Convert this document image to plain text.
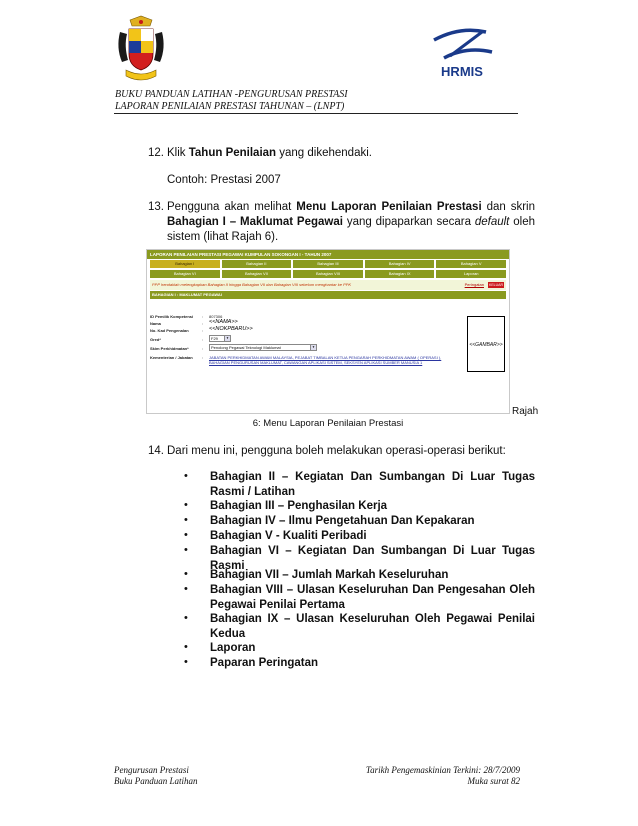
HRMIS
BUKU PANDUAN LATIHAN -PENGURUSAN PRESTASI
LAPORAN PENILAIAN PRESTASI TAHUNAN – (LNPT)
12. Klik Tahun Penilaian yang dikehendaki.
Contoh: Prestasi 2007
13. Pengguna akan melihat Menu Laporan Penilaian Prestasi dan skrin Bahagian I – Maklumat Pegawai yang dipaparkan secara default oleh sistem (lihat Rajah 6).
LAPORAN PENILAIAN PRESTASI PEGAWAI KUMPULAN SOKONGAN I - TAHUN 2007
Bahagian I	Bahagian II	Bahagian III	Bahagian IV	Bahagian V
Bahagian VI	Bahagian VII	Bahagian VIII	Bahagian IX	Laporan
PPP hendaklah melengkapkan Bahagian II hingga Bahagian VII dan Bahagian VIII sebelum menghantar ke PPK	Peringatan KELUAR
BAHAGIAN I : MAKLUMAT PEGAWAI
ID Pemilik Kompetensi : 807306
Nama	: <<NAMA>>
No. Kad Pengenalan	: <<NOKPBARU>>
Gred*	:	F29	▼
Skim Perkhidmatan*	:	Penolong Pegawai Teknologi Maklumat	▼
Kementerian / Jabatan : JABATAN PERKHIDMATAN AWAM MALAYSIA, PEJABAT TIMBALAN KETUA PENGARAH PERKHIDMATAN AWAM ( OPERASI ), BAHAGIAN PENGURUSAN MAKLUMAT, CAWANGAN APLIKASI SISTEM, SEKSYEN APLIKASI SUMBER MANUSIA 1
<<GAMBAR>>
Rajah
6: Menu Laporan Penilaian Prestasi
14. Dari menu ini, pengguna boleh melakukan operasi-operasi berikut:
• Bahagian II – Kegiatan Dan Sumbangan Di Luar Tugas Rasmi / Latihan
• Bahagian III – Penghasilan Kerja
• Bahagian IV – Ilmu Pengetahuan Dan Kepakaran
• Bahagian V - Kualiti Peribadi
• Bahagian VI – Kegiatan Dan Sumbangan Di Luar Tugas Rasmi
• Bahagian VII – Jumlah Markah Keseluruhan
• Bahagian VIII – Ulasan Keseluruhan Dan Pengesahan Oleh Pegawai Penilai Pertama
• Bahagian IX – Ulasan Keseluruhan Oleh Pegawai Penilai Kedua
• Laporan
• Paparan Peringatan
Pengurusan Prestasi
Buku Panduan Latihan
Tarikh Pengemaskinian Terkini: 28/7/2009
Muka surat 82
